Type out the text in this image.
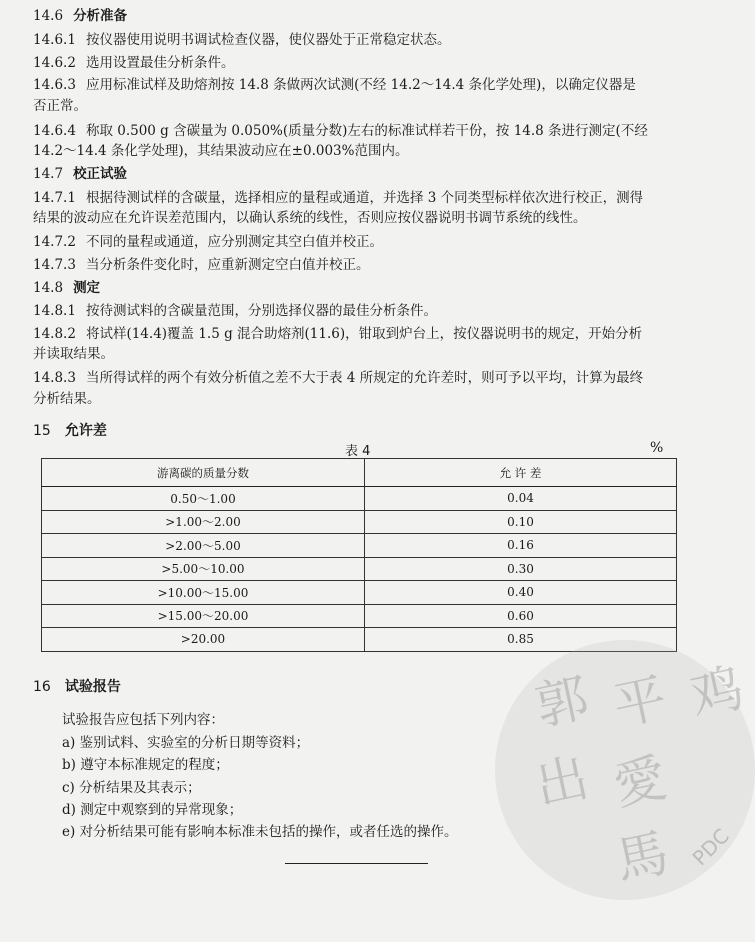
14.6 分析准备
14.6.1 按仪器使用说明书调试检查仪器，使仪器处于正常稳定状态。
14.6.2 选用设置最佳分析条件。
14.6.3 应用标准试样及助熔剂按 14.8 条做两次试测(不经 14.2～14.4 条化学处理)，以确定仪器是
否正常。
14.6.4 称取 0.500 g 含碳量为 0.050%(质量分数)左右的标准试样若干份，按 14.8 条进行测定(不经
14.2～14.4 条化学处理)，其结果波动应在±0.003%范围内。
14.7 校正试验
14.7.1 根据待测试样的含碳量，选择相应的量程或通道，并选择 3 个同类型标样依次进行校正，测得
结果的波动应在允许误差范围内，以确认系统的线性，否则应按仪器说明书调节系统的线性。
14.7.2 不同的量程或通道，应分别测定其空白值并校正。
14.7.3 当分析条件变化时，应重新测定空白值并校正。
14.8 测定
14.8.1 按待测试料的含碳量范围，分别选择仪器的最佳分析条件。
14.8.2 将试样(14.4)覆盖 1.5 g 混合助熔剂(11.6)，钳取到炉台上，按仪器说明书的规定，开始分析
并读取结果。
14.8.3 当所得试样的两个有效分析值之差不大于表 4 所规定的允许差时，则可予以平均，计算为最终
分析结果。
15 允许差
表 4	%
游离碳的质量分数	允 许 差
0.50～1.00	0.04
>1.00～2.00	0.10
>2.00～5.00	0.16
>5.00～10.00	0.30
>10.00～15.00	0.40
>15.00～20.00	0.60
>20.00	0.85
16 试验报告
试验报告应包括下列内容：
a) 鉴别试料、实验室的分析日期等资料；
b) 遵守本标准规定的程度；
c) 分析结果及其表示；
d) 测定中观察到的异常现象；
e) 对分析结果可能有影响本标准未包括的操作，或者任选的操作。
郭 平 鸡
出 愛
馬 PDC
